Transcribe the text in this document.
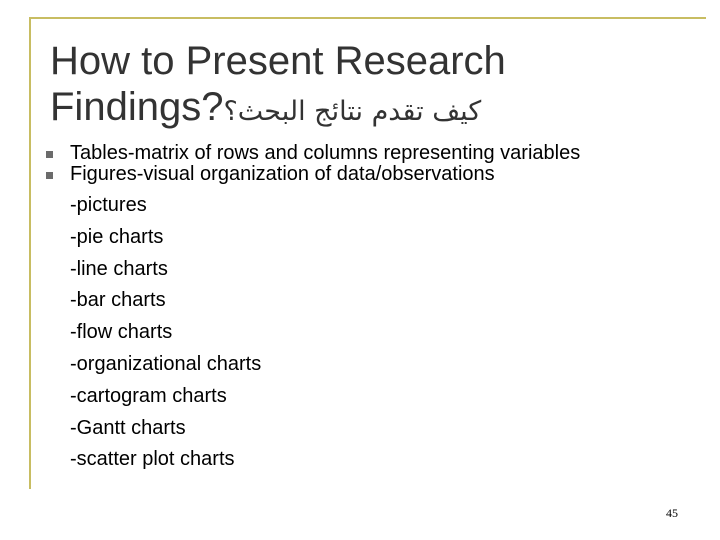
How to Present Research
Findings?كيف تقدم نتائج البحث؟
Tables-matrix of rows and columns representing variables
Figures-visual organization of data/observations
-pictures
-pie charts
-line charts
-bar charts
-flow charts
-organizational charts
-cartogram charts
-Gantt charts
-scatter plot charts
45
